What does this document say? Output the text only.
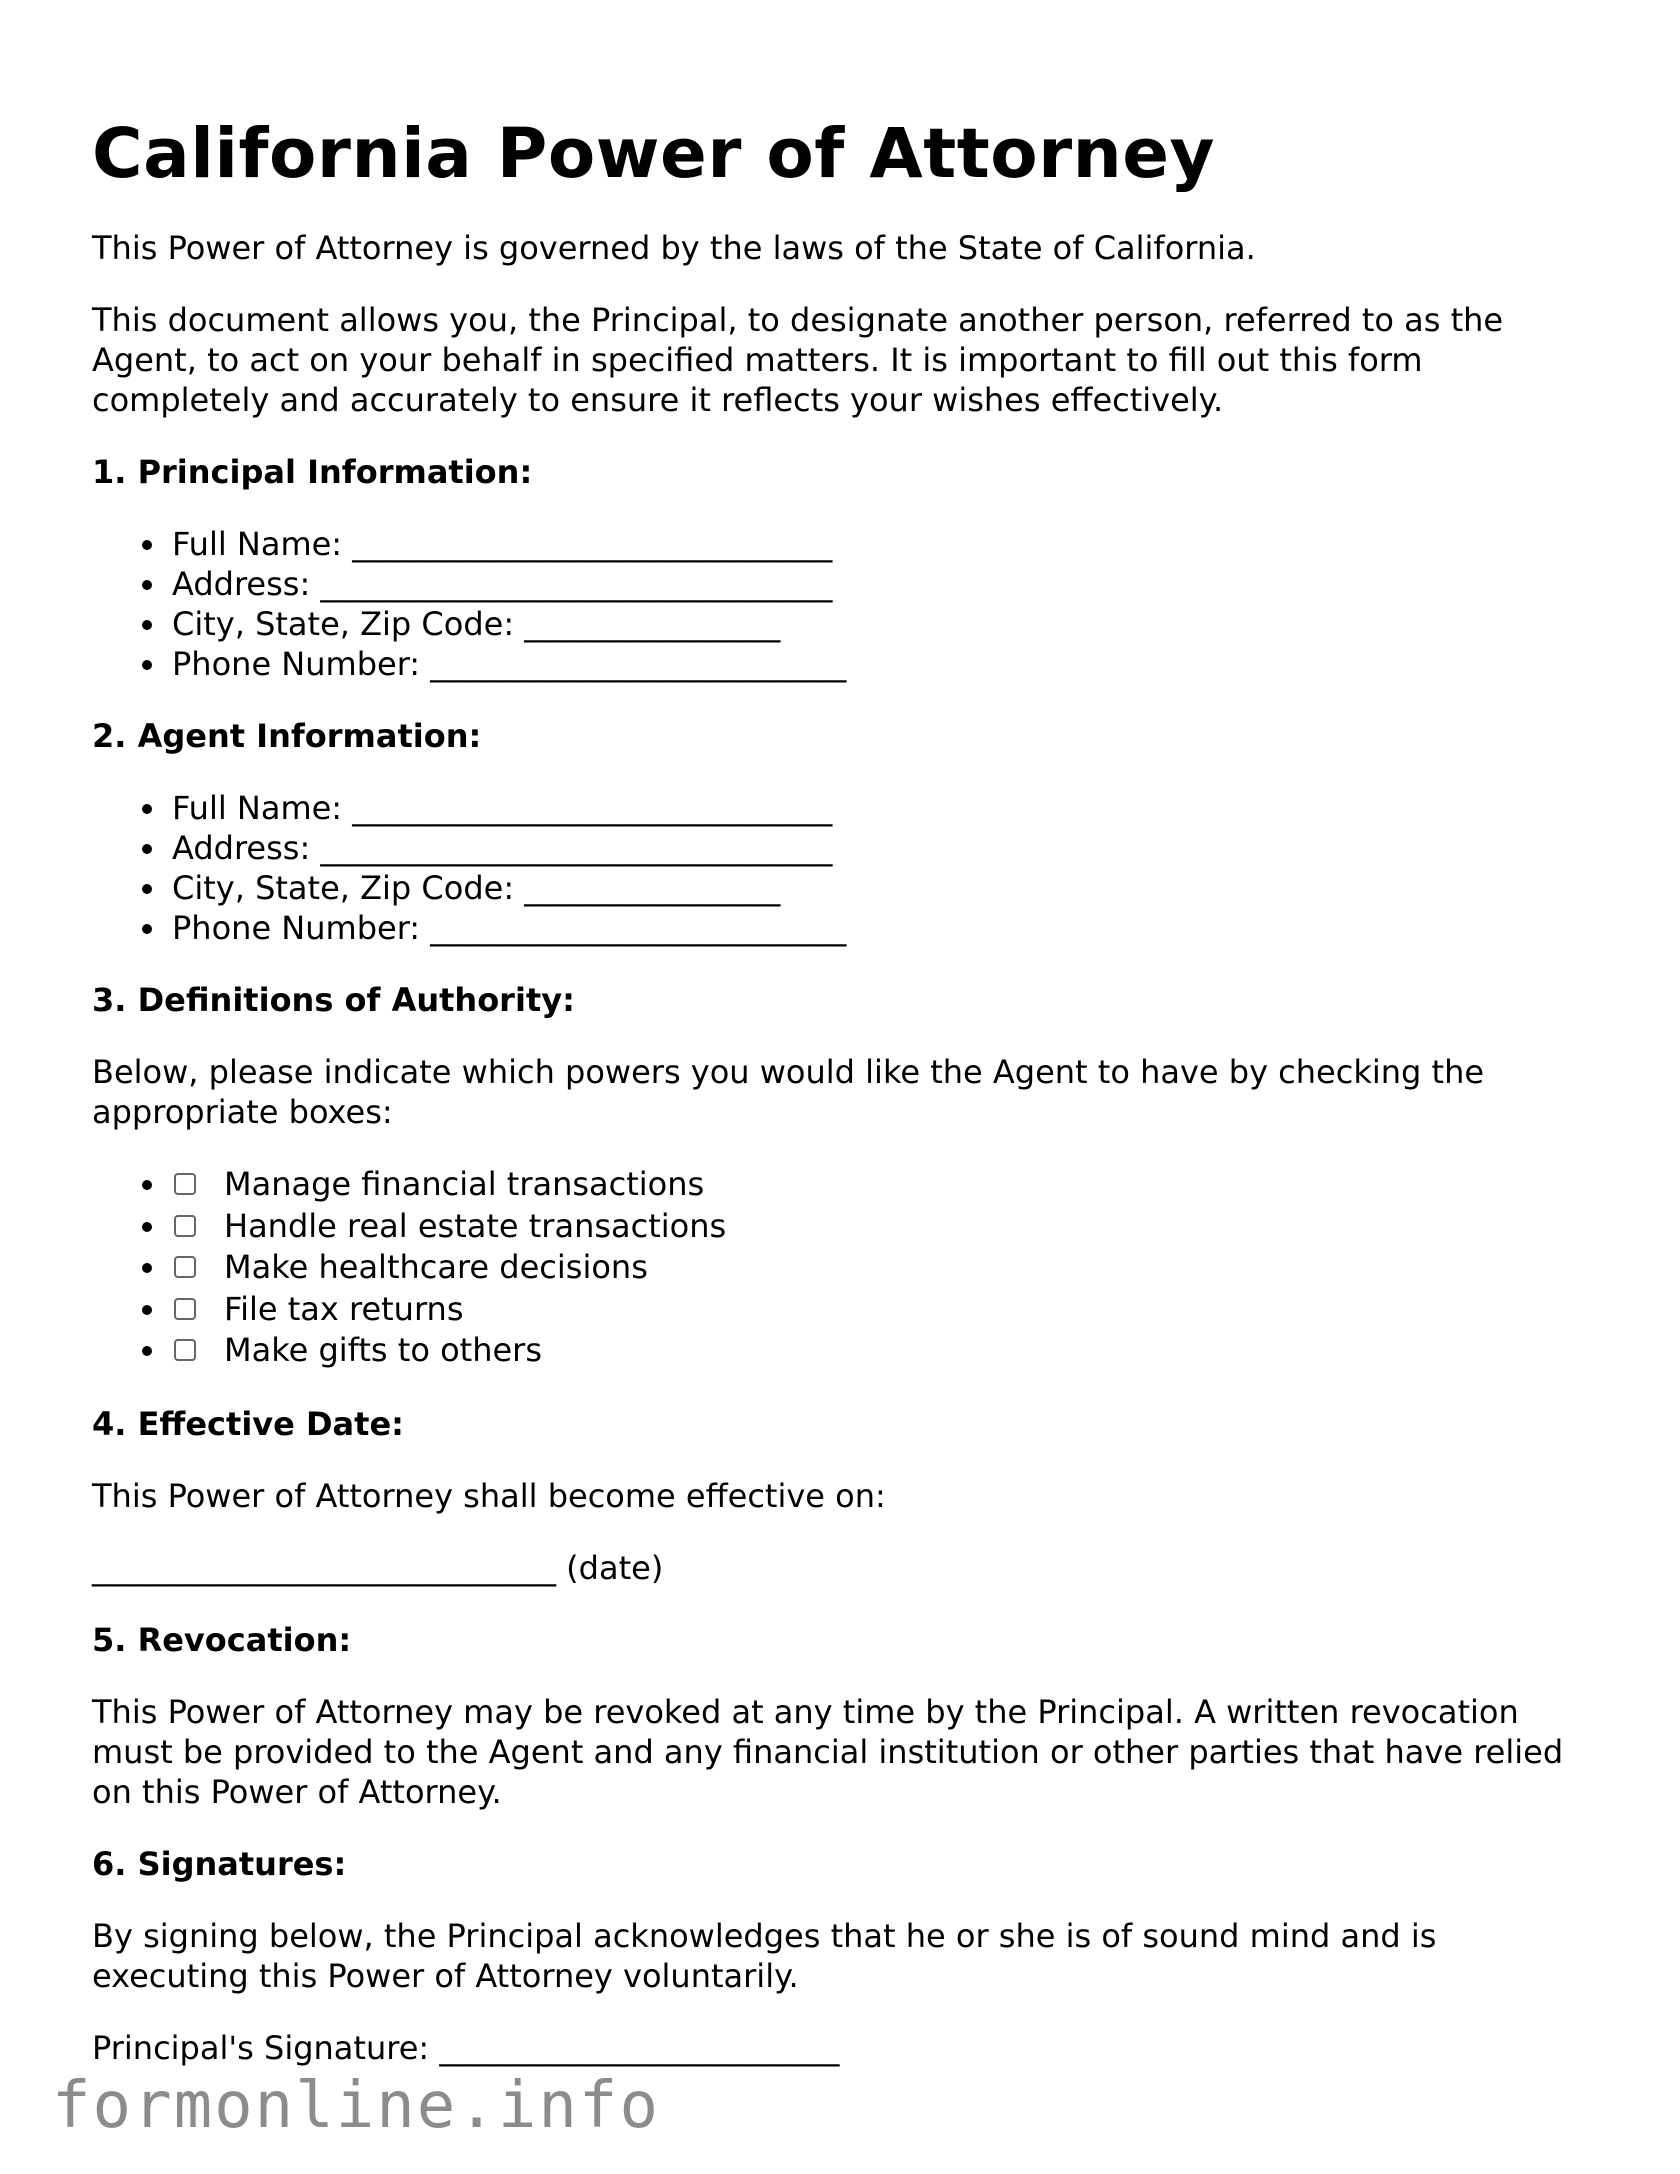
California Power of Attorney

This Power of Attorney is governed by the laws of the State of California.

This document allows you, the Principal, to designate another person, referred to as the Agent, to act on your behalf in specified matters. It is important to fill out this form completely and accurately to ensure it reflects your wishes effectively.

1. Principal Information:
Full Name: ______________________________
Address: ________________________________
City, State, Zip Code: ________________
Phone Number: __________________________
2. Agent Information:
Full Name: ______________________________
Address: ________________________________
City, State, Zip Code: ________________
Phone Number: __________________________
3. Definitions of Authority:

Below, please indicate which powers you would like the Agent to have by checking the appropriate boxes:

Manage financial transactions
Handle real estate transactions
Make healthcare decisions
File tax returns
Make gifts to others
4. Effective Date:

This Power of Attorney shall become effective on:

_____________________________ (date)

5. Revocation:

This Power of Attorney may be revoked at any time by the Principal. A written revocation must be provided to the Agent and any financial institution or other parties that have relied on this Power of Attorney.

6. Signatures:

By signing below, the Principal acknowledges that he or she is of sound mind and is executing this Power of Attorney voluntarily.

Principal's Signature: _________________________

formonline.info
